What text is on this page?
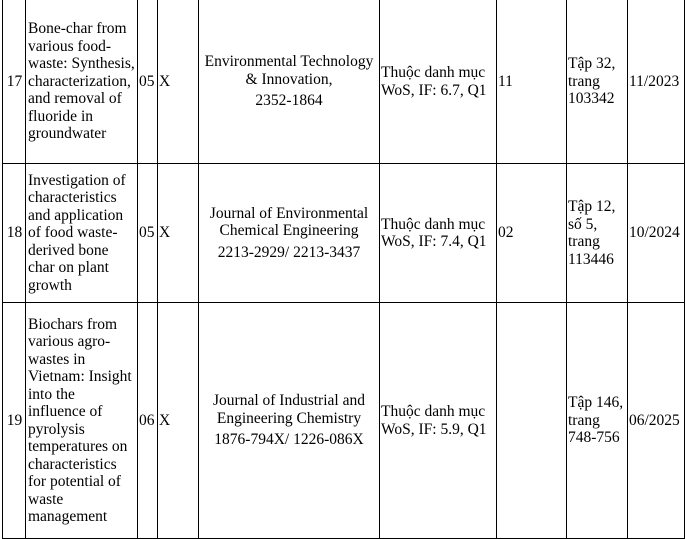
17	Bone-char from various food-waste: Synthesis, characterization, and removal of fluoride in groundwater	05	X	Environmental Technology & Innovation,
2352-1864	Thuộc danh mục WoS, IF: 6.7, Q1	11	Tập 32, trang 103342	11/2023
18	Investigation of characteristics and application of food waste-derived bone char on plant growth	05	X	Journal of Environmental Chemical Engineering
2213-2929/ 2213-3437	Thuộc danh mục WoS, IF: 7.4, Q1	02	Tập 12, số 5, trang 113446	10/2024
19	Biochars from various agro-wastes in Vietnam: Insight into the influence of pyrolysis temperatures on characteristics for potential of waste management	06	X	Journal of Industrial and Engineering Chemistry
1876-794X/ 1226-086X	Thuộc danh mục WoS, IF: 5.9, Q1		Tập 146, trang 748-756	06/2025
